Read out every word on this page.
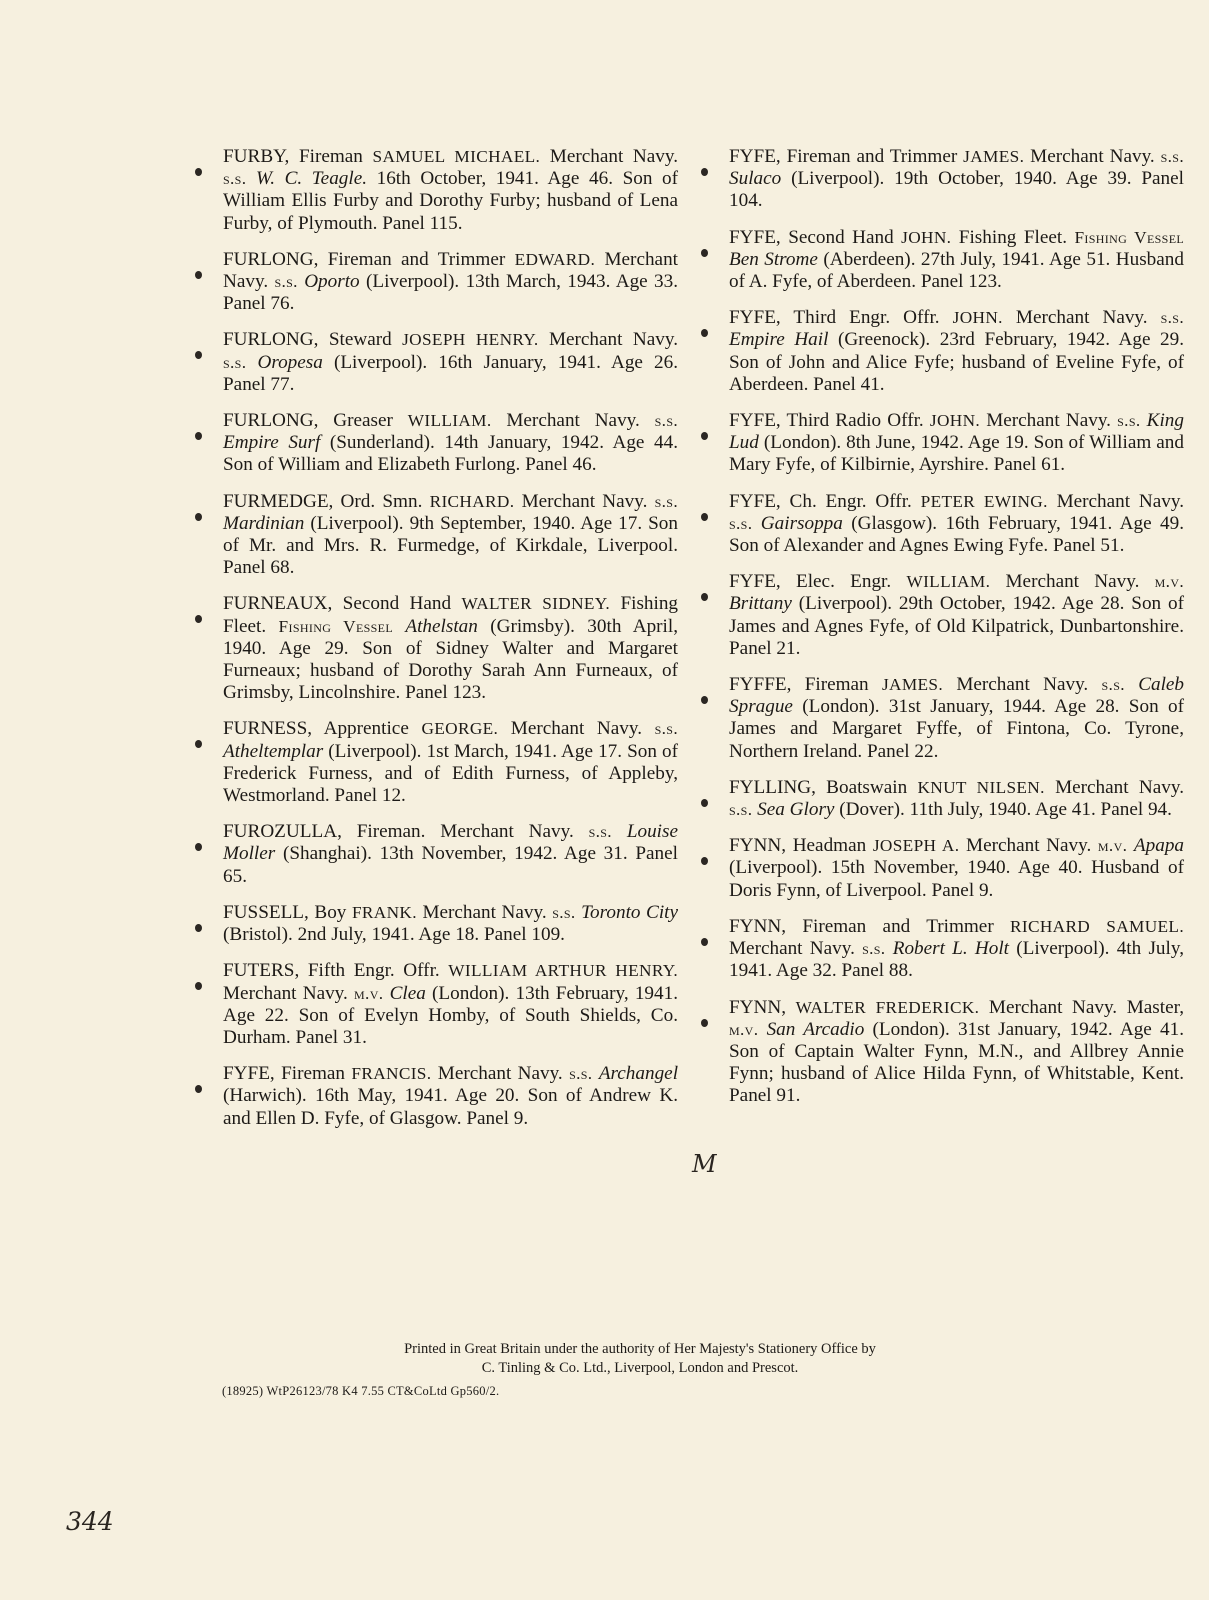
FURBY, Fireman SAMUEL MICHAEL. Merchant Navy. s.s. W. C. Teagle. 16th October, 1941. Age 46. Son of William Ellis Furby and Dorothy Furby; husband of Lena Furby, of Plymouth. Panel 115.
FURLONG, Fireman and Trimmer EDWARD. Merchant Navy. s.s. Oporto (Liverpool). 13th March, 1943. Age 33. Panel 76.
FURLONG, Steward JOSEPH HENRY. Merchant Navy. s.s. Oropesa (Liverpool). 16th January, 1941. Age 26. Panel 77.
FURLONG, Greaser WILLIAM. Merchant Navy. s.s. Empire Surf (Sunderland). 14th January, 1942. Age 44. Son of William and Elizabeth Furlong. Panel 46.
FURMEDGE, Ord. Smn. RICHARD. Merchant Navy. s.s. Mardinian (Liverpool). 9th September, 1940. Age 17. Son of Mr. and Mrs. R. Furmedge, of Kirkdale, Liverpool. Panel 68.
FURNEAUX, Second Hand WALTER SIDNEY. Fishing Fleet. Fishing Vessel Athelstan (Grimsby). 30th April, 1940. Age 29. Son of Sidney Walter and Margaret Furneaux; husband of Dorothy Sarah Ann Furneaux, of Grimsby, Lincolnshire. Panel 123.
FURNESS, Apprentice GEORGE. Merchant Navy. s.s. Atheltemplar (Liverpool). 1st March, 1941. Age 17. Son of Frederick Furness, and of Edith Furness, of Appleby, Westmorland. Panel 12.
FUROZULLA, Fireman. Merchant Navy. s.s. Louise Moller (Shanghai). 13th November, 1942. Age 31. Panel 65.
FUSSELL, Boy FRANK. Merchant Navy. s.s. Toronto City (Bristol). 2nd July, 1941. Age 18. Panel 109.
FUTERS, Fifth Engr. Offr. WILLIAM ARTHUR HENRY. Merchant Navy. m.v. Clea (London). 13th February, 1941. Age 22. Son of Evelyn Homby, of South Shields, Co. Durham. Panel 31.
FYFE, Fireman FRANCIS. Merchant Navy. s.s. Archangel (Harwich). 16th May, 1941. Age 20. Son of Andrew K. and Ellen D. Fyfe, of Glasgow. Panel 9.
FYFE, Fireman and Trimmer JAMES. Merchant Navy. s.s. Sulaco (Liverpool). 19th October, 1940. Age 39. Panel 104.
FYFE, Second Hand JOHN. Fishing Fleet. Fishing Vessel Ben Strome (Aberdeen). 27th July, 1941. Age 51. Husband of A. Fyfe, of Aberdeen. Panel 123.
FYFE, Third Engr. Offr. JOHN. Merchant Navy. s.s. Empire Hail (Greenock). 23rd February, 1942. Age 29. Son of John and Alice Fyfe; husband of Eveline Fyfe, of Aberdeen. Panel 41.
FYFE, Third Radio Offr. JOHN. Merchant Navy. s.s. King Lud (London). 8th June, 1942. Age 19. Son of William and Mary Fyfe, of Kilbirnie, Ayrshire. Panel 61.
FYFE, Ch. Engr. Offr. PETER EWING. Merchant Navy. s.s. Gairsoppa (Glasgow). 16th February, 1941. Age 49. Son of Alexander and Agnes Ewing Fyfe. Panel 51.
FYFE, Elec. Engr. WILLIAM. Merchant Navy. m.v. Brittany (Liverpool). 29th October, 1942. Age 28. Son of James and Agnes Fyfe, of Old Kilpatrick, Dunbartonshire. Panel 21.
FYFFE, Fireman JAMES. Merchant Navy. s.s. Caleb Sprague (London). 31st January, 1944. Age 28. Son of James and Margaret Fyffe, of Fintona, Co. Tyrone, Northern Ireland. Panel 22.
FYLLING, Boatswain KNUT NILSEN. Merchant Navy. s.s. Sea Glory (Dover). 11th July, 1940. Age 41. Panel 94.
FYNN, Headman JOSEPH A. Merchant Navy. m.v. Apapa (Liverpool). 15th November, 1940. Age 40. Husband of Doris Fynn, of Liverpool. Panel 9.
FYNN, Fireman and Trimmer RICHARD SAMUEL. Merchant Navy. s.s. Robert L. Holt (Liverpool). 4th July, 1941. Age 32. Panel 88.
FYNN, WALTER FREDERICK. Merchant Navy. Master, m.v. San Arcadio (London). 31st January, 1942. Age 41. Son of Captain Walter Fynn, M.N., and Allbrey Annie Fynn; husband of Alice Hilda Fynn, of Whitstable, Kent. Panel 91.
Printed in Great Britain under the authority of Her Majesty's Stationery Office by
C. Tinling & Co. Ltd., Liverpool, London and Prescot.
(18925) WtP26123/78 K4 7.55 CT&CoLtd Gp560/2.
344
M
